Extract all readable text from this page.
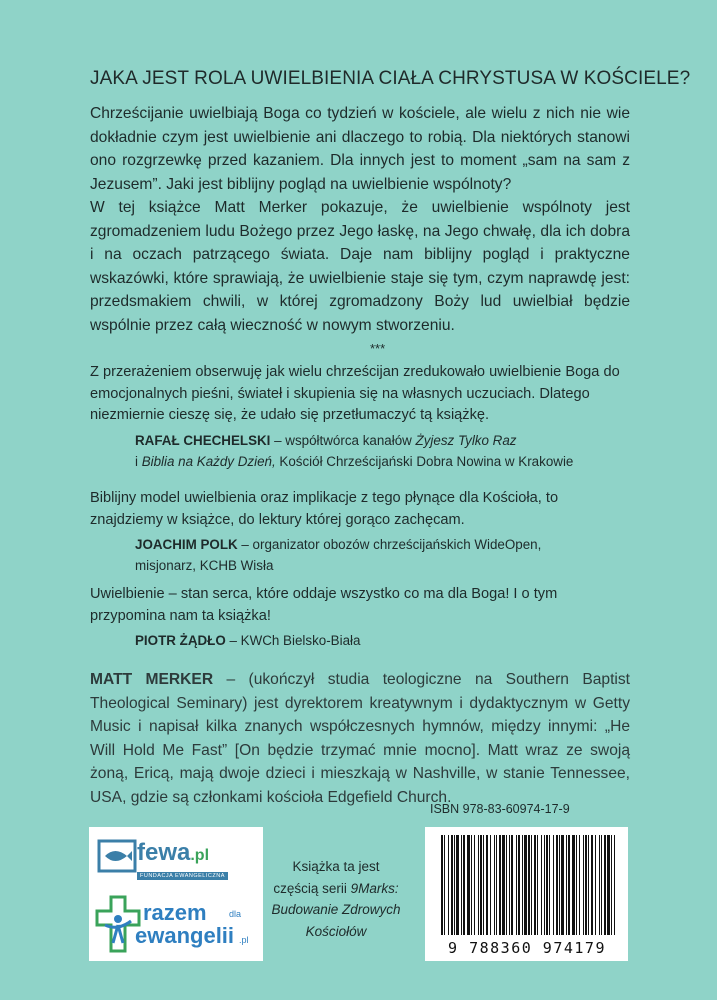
JAKA JEST ROLA UWIELBIENIA CIAŁA CHRYSTUSA W KOŚCIELE?

Chrześcijanie uwielbiają Boga co tydzień w kościele, ale wielu z nich nie wie dokładnie czym jest uwielbienie ani dlaczego to robią. Dla niektórych stanowi ono rozgrzewkę przed kazaniem. Dla innych jest to moment „sam na sam z Jezusem”. Jaki jest biblijny pogląd na uwielbienie wspólnoty?

W tej książce Matt Merker pokazuje, że uwielbienie wspólnoty jest zgromadzeniem ludu Bożego przez Jego łaskę, na Jego chwałę, dla ich dobra i na oczach patrzącego świata. Daje nam biblijny pogląd i praktyczne wskazówki, które sprawiają, że uwielbienie staje się tym, czym naprawdę jest: przedsmakiem chwili, w której zgromadzony Boży lud uwielbiał będzie wspólnie przez całą wieczność w nowym stworzeniu.

***

Z przerażeniem obserwuję jak wielu chrześcijan zredukowało uwielbienie Boga do emocjonalnych pieśni, świateł i skupienia się na własnych uczuciach. Dlatego niezmiernie cieszę się, że udało się przetłumaczyć tą książkę.

RAFAŁ CHECHELSKI – współtwórca kanałów Żyjesz Tylko Raz
i Biblia na Każdy Dzień, Kościół Chrześcijański Dobra Nowina w Krakowie

Biblijny model uwielbienia oraz implikacje z tego płynące dla Kościoła, to znajdziemy w książce, do lektury której gorąco zachęcam.

JOACHIM POLK – organizator obozów chrześcijańskich WideOpen,
misjonarz, KCHB Wisła

Uwielbienie – stan serca, które oddaje wszystko co ma dla Boga! I o tym przypomina nam ta książka!

PIOTR ŻĄDŁO – KWCh Bielsko-Biała
MATT MERKER – (ukończył studia teologiczne na Southern Baptist Theological Seminary) jest dyrektorem kreatywnym i dydaktycznym w Getty Music i napisał kilka znanych współczesnych hymnów, między innymi: „He Will Hold Me Fast” [On będzie trzymać mnie mocno]. Matt wraz ze swoją żoną, Ericą, mają dwoje dzieci i mieszkają w Nashville, w stanie Tennessee, USA, gdzie są członkami kościoła Edgefield Church.
ISBN 978-83-60974-17-9
9 788360 974179
Książka ta jest
częścią serii 9Marks:
Budowanie Zdrowych
Kościołów
fewa.pl
FUNDACJA EWANGELICZNA
razem dla
ewangelii .pl
